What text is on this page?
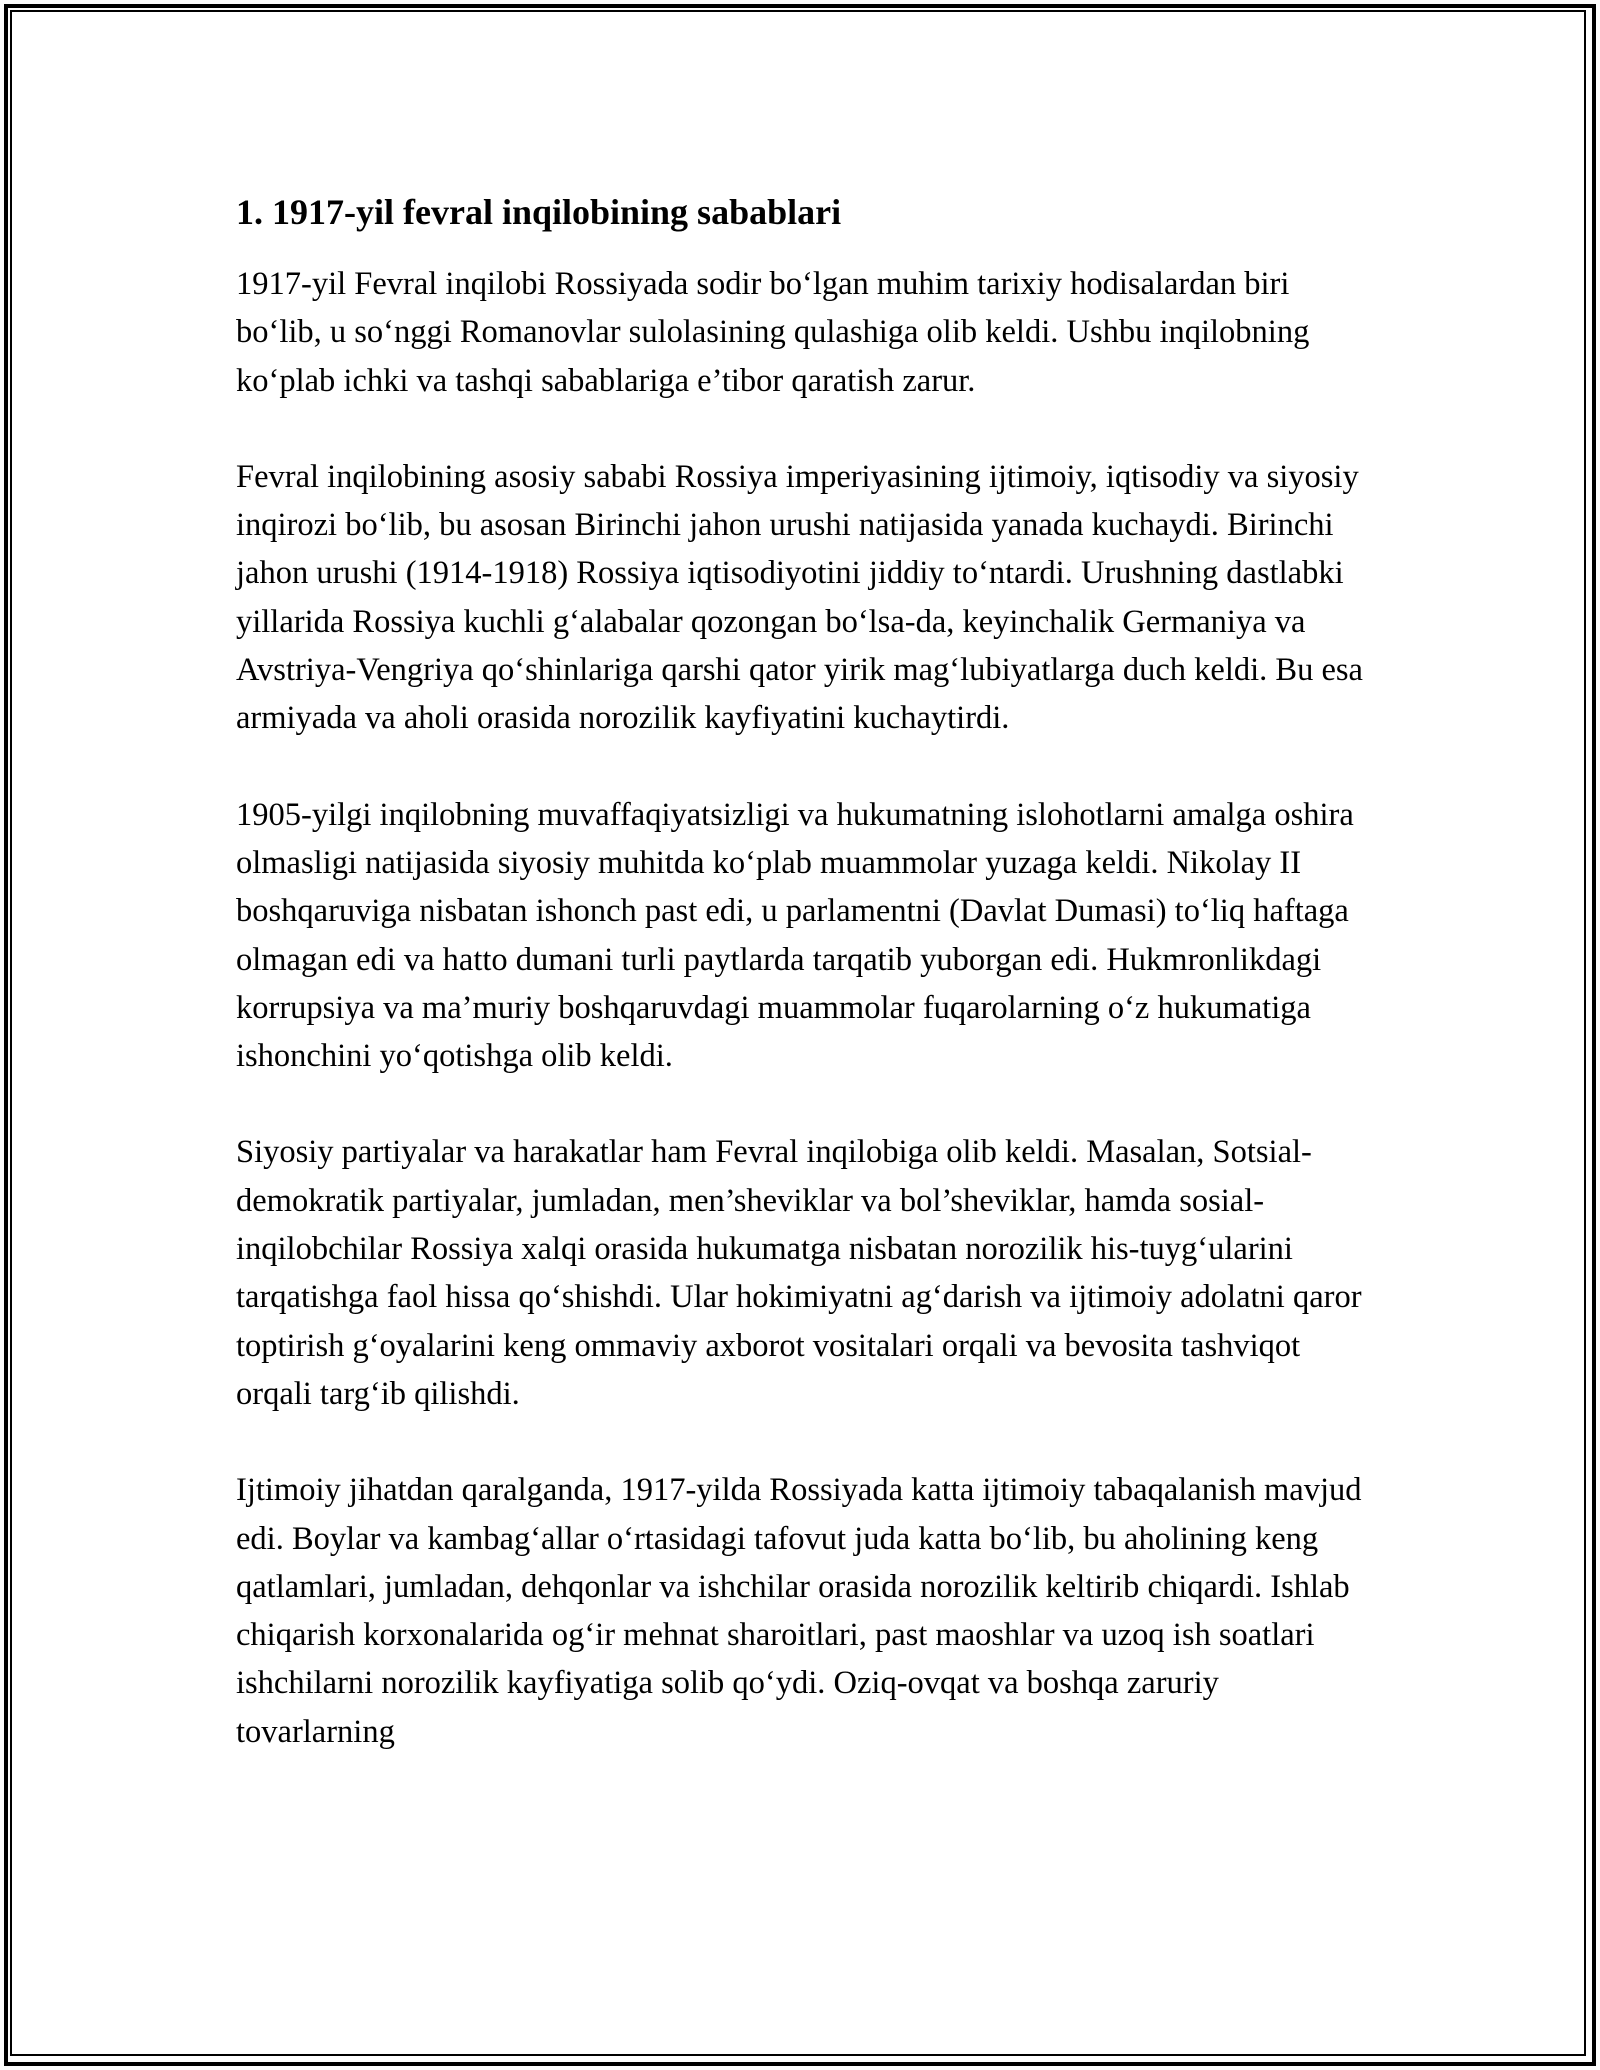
1. 1917-yil fevral inqilobining sabablari

1917-yil Fevral inqilobi Rossiyada sodir bo‘lgan muhim tarixiy hodisalardan biri bo‘lib, u so‘nggi Romanovlar sulolasining qulashiga olib keldi. Ushbu inqilobning ko‘plab ichki va tashqi sabablariga e’tibor qaratish zarur.

Fevral inqilobining asosiy sababi Rossiya imperiyasining ijtimoiy, iqtisodiy va siyosiy inqirozi bo‘lib, bu asosan Birinchi jahon urushi natijasida yanada kuchaydi. Birinchi jahon urushi (1914-1918) Rossiya iqtisodiyotini jiddiy to‘ntardi. Urushning dastlabki yillarida Rossiya kuchli g‘alabalar qozongan bo‘lsa-da, keyinchalik Germaniya va Avstriya-Vengriya qo‘shinlariga qarshi qator yirik mag‘lubiyatlarga duch keldi. Bu esa armiyada va aholi orasida norozilik kayfiyatini kuchaytirdi.

1905-yilgi inqilobning muvaffaqiyatsizligi va hukumatning islohotlarni amalga oshira olmasligi natijasida siyosiy muhitda ko‘plab muammolar yuzaga keldi. Nikolay II boshqaruviga nisbatan ishonch past edi, u parlamentni (Davlat Dumasi) to‘liq haftaga olmagan edi va hatto dumani turli paytlarda tarqatib yuborgan edi. Hukmronlikdagi korrupsiya va ma’muriy boshqaruvdagi muammolar fuqarolarning o‘z hukumatiga ishonchini yo‘qotishga olib keldi.

Siyosiy partiyalar va harakatlar ham Fevral inqilobiga olib keldi. Masalan, Sotsial-demokratik partiyalar, jumladan, men’sheviklar va bol’sheviklar, hamda sosial-inqilobchilar Rossiya xalqi orasida hukumatga nisbatan norozilik his-tuyg‘ularini tarqatishga faol hissa qo‘shishdi. Ular hokimiyatni ag‘darish va ijtimoiy adolatni qaror toptirish g‘oyalarini keng ommaviy axborot vositalari orqali va bevosita tashviqot orqali targ‘ib qilishdi.

Ijtimoiy jihatdan qaralganda, 1917-yilda Rossiyada katta ijtimoiy tabaqalanish mavjud edi. Boylar va kambag‘allar o‘rtasidagi tafovut juda katta bo‘lib, bu aholining keng qatlamlari, jumladan, dehqonlar va ishchilar orasida norozilik keltirib chiqardi. Ishlab chiqarish korxonalarida og‘ir mehnat sharoitlari, past maoshlar va uzoq ish soatlari ishchilarni norozilik kayfiyatiga solib qo‘ydi. Oziq-ovqat va boshqa zaruriy tovarlarning
